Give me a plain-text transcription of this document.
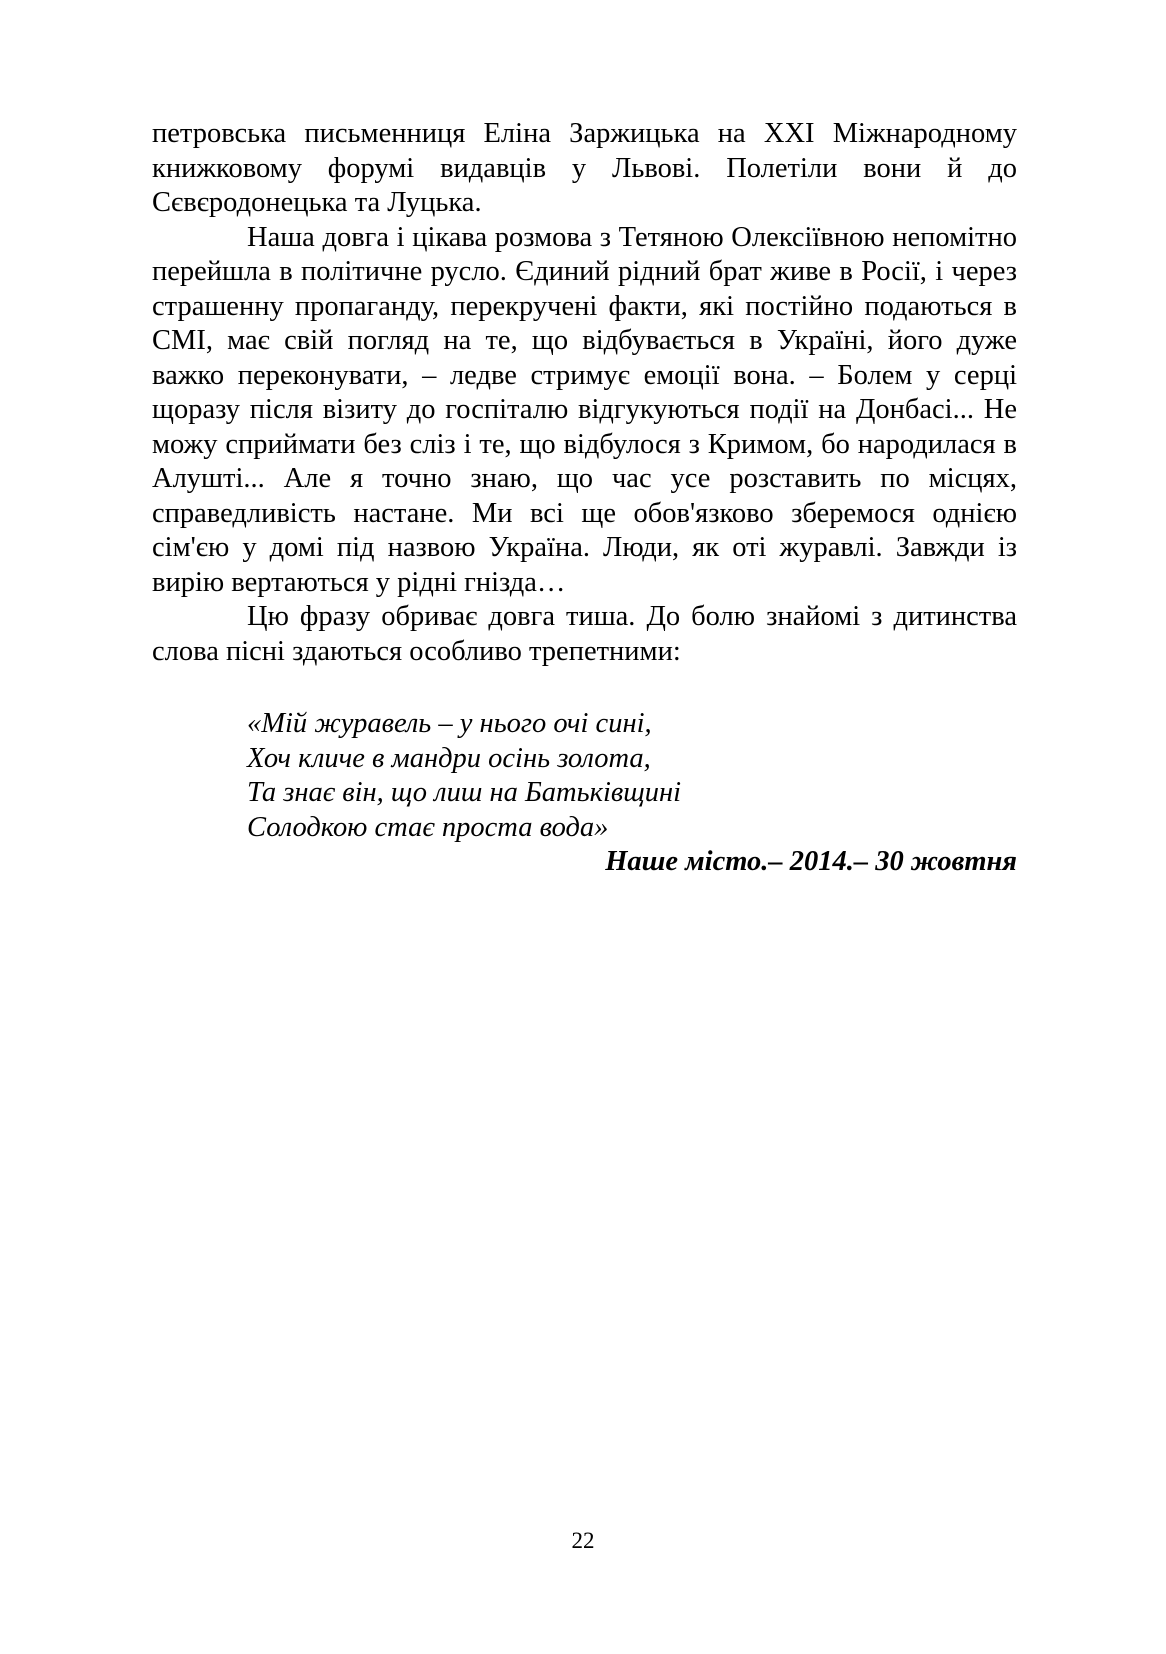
петровська письменниця Еліна Заржицька на XXI Міжнародному книжковому форумі видавців у Львові. Полетіли вони й до Сєвєродонецька та Луцька.

Наша довга і цікава розмова з Тетяною Олексіївною непомітно перейшла в політичне русло. Єдиний рідний брат живе в Росії, і через страшенну пропаганду, перекручені факти, які постійно подаються в СМІ, має свій погляд на те, що відбувається в Україні, його дуже важко переконувати, – ледве стримує емоції вона. – Болем у серці щоразу після візиту до госпіталю відгукуються події на Донбасі... Не можу сприймати без сліз і те, що відбулося з Кримом, бо народилася в Алушті... Але я точно знаю, що час усе розставить по місцях, справедливість настане. Ми всі ще обов'язково зберемося однією сім'єю у домі під назвою Україна. Люди, як оті журавлі. Завжди із вирію вертаються у рідні гнізда…

Цю фразу обриває довга тиша. До болю знайомі з дитинства слова пісні здаються особливо трепетними:

«Мій журавель – у нього очі сині,
Хоч кличе в мандри осінь золота,
Та знає він, що лиш на Батьківщині
Солодкою стає проста вода»

Наше місто.– 2014.– 30 жовтня

22
